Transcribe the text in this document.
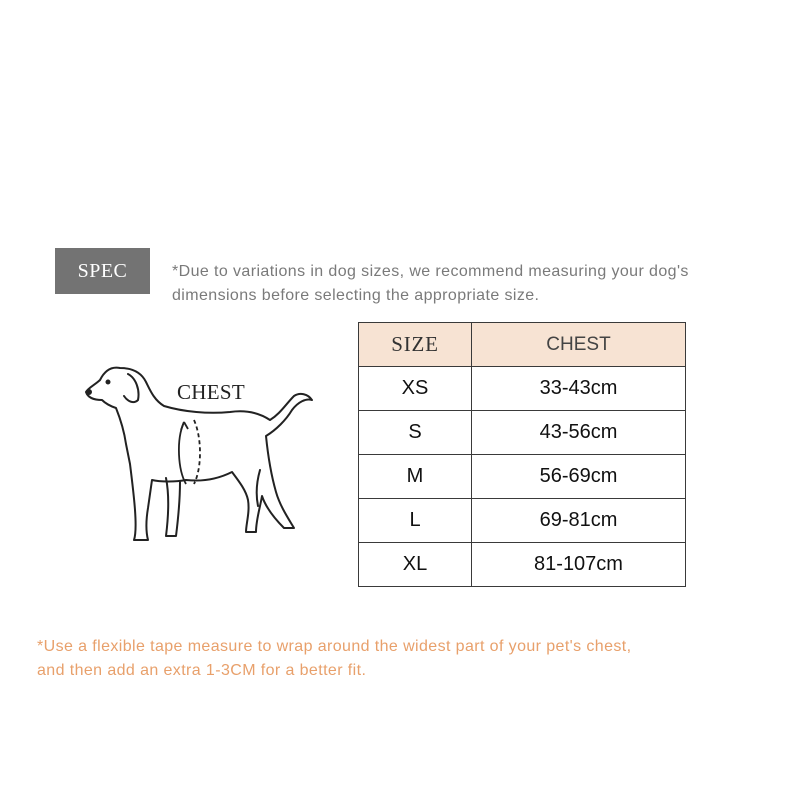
SPEC	*Due to variations in dog sizes, we recommend measuring your dog's
dimensions before selecting the appropriate size.
CHEST
SIZE	CHEST
XS	33-43cm
S	43-56cm
M	56-69cm
L	69-81cm
XL	81-107cm
*Use a flexible tape measure to wrap around the widest part of your pet's chest,
and then add an extra 1-3CM for a better fit.
